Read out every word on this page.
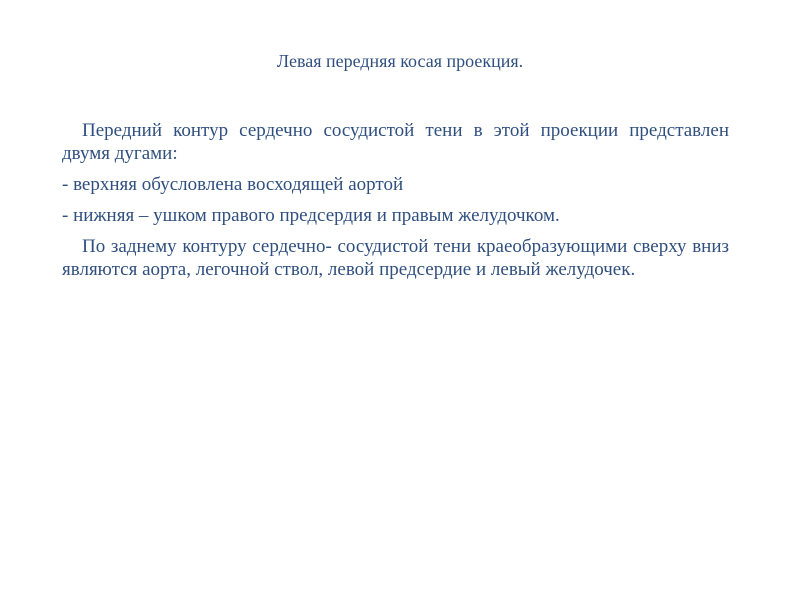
Левая передняя косая проекция.

Передний контур сердечно сосудистой тени в этой проекции представлен двумя дугами:

- верхняя обусловлена восходящей аортой

- нижняя – ушком правого предсердия и правым желудочком.

По заднему контуру сердечно- сосудистой тени краеобразующими сверху вниз являются аорта, легочной ствол, левой предсердие и левый желудочек.
